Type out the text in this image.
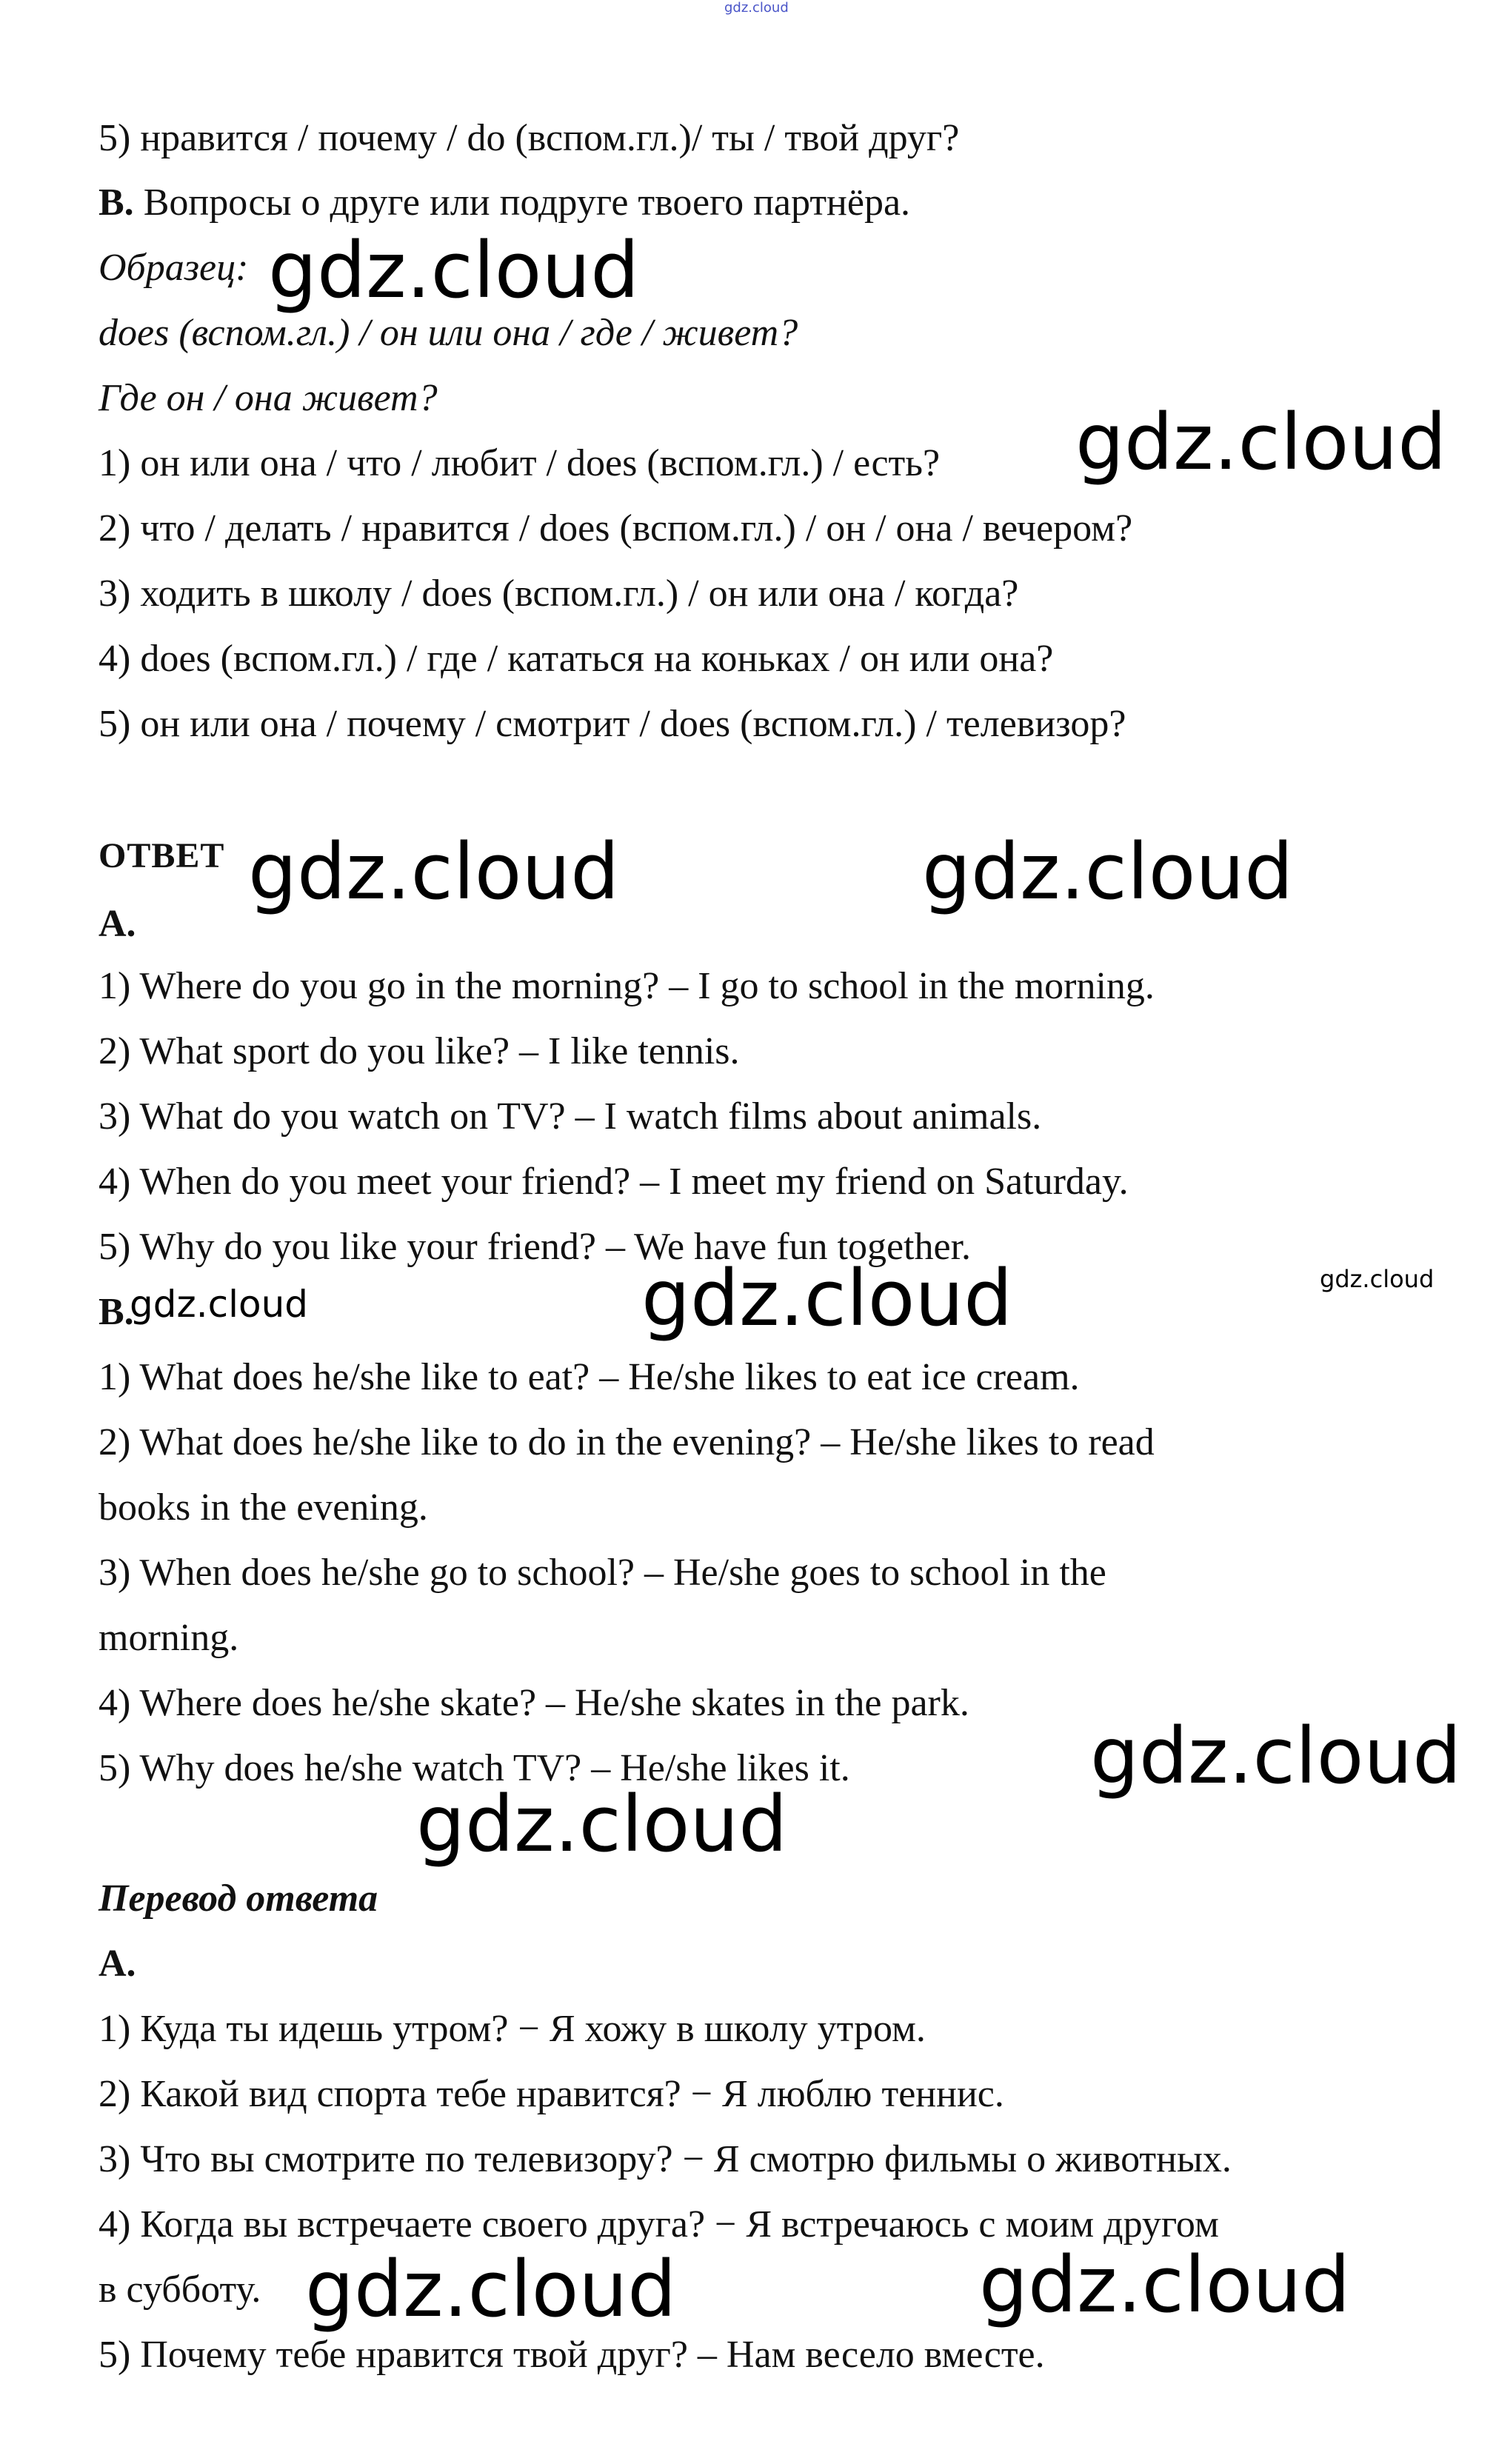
gdz.cloud
5) нравится / почему / do (вспом.гл.)/ ты / твой друг?
B. Вопросы о друге или подруге твоего партнёра.
Образец:
does (вспом.гл.) / он или она / где / живет?
Где он / она живет?
1) он или она / что / любит / does (вспом.гл.) / есть?
2) что / делать / нравится / does (вспом.гл.) / он / она / вечером?
3) ходить в школу / does (вспом.гл.) / он или она / когда?
4) does (вспом.гл.) / где / кататься на коньках / он или она?
5) он или она / почему / смотрит / does (вспом.гл.) / телевизор?
ОТВЕТ
A.
1) Where do you go in the morning? – I go to school in the morning.
2) What sport do you like? – I like tennis.
3) What do you watch on TV? – I watch films about animals.
4) When do you meet your friend? – I meet my friend on Saturday.
5) Why do you like your friend? – We have fun together.
B.
1) What does he/she like to eat? – He/she likes to eat ice cream.
2) What does he/she like to do in the evening? – He/she likes to read
books in the evening.
3) When does he/she go to school? – He/she goes to school in the
morning.
4) Where does he/she skate? – He/she skates in the park.
5) Why does he/she watch TV? – He/she likes it.
Перевод ответа
A.
1) Куда ты идешь утром? − Я хожу в школу утром.
2) Какой вид спорта тебе нравится? − Я люблю теннис.
3) Что вы смотрите по телевизору? − Я смотрю фильмы о животных.
4) Когда вы встречаете своего друга? − Я встречаюсь с моим другом
в субботу.
5) Почему тебе нравится твой друг? – Нам весело вместе.
gdz.cloud
gdz.cloud
gdz.cloud	gdz.cloud
gdz.cloud
gdz.cloud
gdz.cloud
gdz.cloud
gdz.cloud
gdz.cloud	gdz.cloud
